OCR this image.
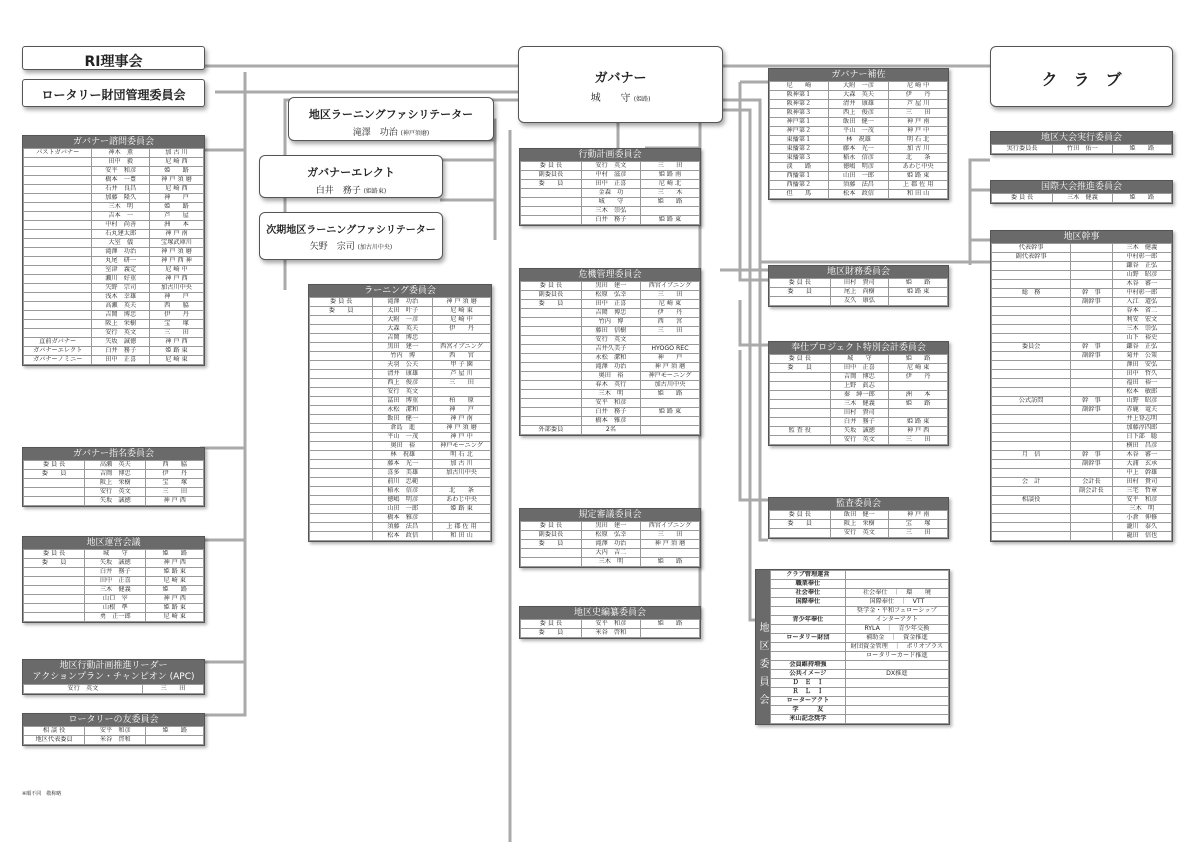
RI理事会
ロータリー財団管理委員会
ガバナー
城　　守 (姫路)
ク　ラ　ブ
地区ラーニングファシリテーター
滝澤　功治 (神戸須磨)
ガバナーエレクト
白井　務子 (姫路東)
次期地区ラーニングファシリテーター
矢野　宗司 (加古川中央)
ガバナー諮問委員会
パストガバナー	神木　薫	加 古 川
	田中　毅	尼 崎 西
	安平　和彦	姫　　路
	橋本　一豊	神 戸 須 磨
	石井　良昌	尼 崎 西
	加藤　隆久	神　　戸
	三木　明	姫　　路
	吉本　一	芦　　屋
	中村　尚善	洲　　本
	石丸建太郎	神 戸 南
	大室　儀	宝塚武庫川
	滝澤　功治	神 戸 須 磨
	丸尾　研一	神 戸 西 神
	室津　義定	尼 崎 中
	瀬川　好重	神 戸 西
	矢野　宗司	加古川中央
	浅木　幸雄	神　　戸
	高瀬　英夫	西　　脇
	吉岡　博忠	伊　　丹
	阪上　栄樹	宝　　塚
	安行　英文	三　　田
直前ガバナー	矢坂　誠徳	神 戸 西
ガバナーエレクト	白井　務子	姫 路 東
ガバナーノミニー	田中　正喜	尼 崎 東
ガバナー指名委員会
委 員 長	高瀬　英夫	西　　脇
委　　員	吉岡　博忠	伊　　丹
	阪上　栄樹	宝　　塚
	安行　英文	三　　田
	矢坂　誠徳	神 戸 西
地区運営会議
委 員 長	城　　守	姫　　路
委　　員	矢坂　誠徳	神 戸 西
	白井　務子	姫 路 東
	田中　正喜	尼 崎 東
	三木　健義	姫　　路
	山口　宰	神 戸 西
	山根　準	姫 路 東
	勇　正一郎	尼 崎 東
地区行動計画推進リーダー
アクションプラン・チャンピオン (APC)
安行　英文	三　　田
ロータリーの友委員会
相 談 役	安平　和彦	姫　　路
地区代表委員	米谷　啓和	
ラーニング委員会
委 員 長	滝澤　功治	神 戸 須 磨
委　　員	太田　叶子	尼 崎 東
	大附　一彦	尼 崎 中
	大森　英夫	伊　　丹
	吉岡　博忠	
	黒田　建一	西宮イブニング
	竹内　博	西　　宮
	天羽　公夫	甲 子 園
	清井　康雄	芦 屋 川
	西上　俊彦	三　　田
	安行　英文	
	冨田　博重	柏　　原
	永松　潔和	神　　戸
	飯田　健一	神 戸 南
	倉島　進	神 戸 須 磨
	平山　一茂	神 戸 中
	奥田　裕	神戸モーニング
	林　祝雄	明 石 北
	藤本　光一	加 古 川
	喜多　美雄	加古川中央
	前川　忠範	
	稲永　信彦	北　　条
	徳嶋　明彦	あわじ中央
	山田　一郎	姫 路 東
	橋本　雅彦	
	須藤　法昌	上 郡 佐 用
	松本　政信	和 田 山
行動計画委員会
委 員 長	安行　英文	三　　田
副委員長	中村　滋彦	姫 路 南
委　　員	田中　正喜	尼 崎 北
	金森　功	三　　木
	城　　守	姫　　路
	三木　崇弘	
	白井　務子	姫 路 東
危機管理委員会
委 員 長	黒田　建一	西宮イブニング
副委員長	松原　弘幸	三　　田
委　　員	田中　正喜	尼 崎 東
	吉岡　博忠	伊　　丹
	竹内　博	西　　宮
	藤田　信樹	三　　田
	安行　英文	
	吉井久美子	HYOGO REC
	永松　潔和	神　　戸
	滝澤　功治	神 戸 須 磨
	奥田　裕	神戸モーニング
	春木　英行	加古川中央
	三木　明	姫　　路
	安平　和彦	
	白井　務子	姫 路 東
	橋本　雅彦	
外部委員	2名	
規定審議委員会
委 員 長	黒田　建一	西宮イブニング
副委員長	松原　弘幸	三　　田
委　　員	滝澤　功治	神 戸 須 磨
	大内　吉二	
	三木　明	姫　　路
地区史編纂委員会
委 員 長	安平　和彦	姫　　路
委　　員	米谷　啓和	
ガバナー補佐
尼　　崎	大附　一彦	尼 崎 中
阪神第１	大森　英夫	伊　　丹
阪神第２	清井　康雄	芦 屋 川
阪神第３	西上　俊彦	三　　田
神戸第１	飯田　健一	神 戸 南
神戸第２	平山　一茂	神 戸 中
東播第１	林　祝雄	明 石 北
東播第２	藤本　光一	加 古 川
東播第３	稲永　信彦	北　　条
淡　　路	徳嶋　明彦	あわじ中央
西播第１	山田　一郎	姫 路 東
西播第２	須藤　法昌	上 郡 佐 用
但　　馬	松本　政信	和 田 山
地区財務委員会
委 員 長	田村　貴司	姫　　路
委　　員	尾上　尚樹	姫 路 東
	友久　康弘	
奉仕プロジェクト特別会計委員会
委 員 長	城　　守	姫　　路
委　　員	田中　正喜	尼 崎 東
	吉岡　博忠	伊　　丹
	上野　眞志	
	秦　紳一郎	洲　　本
	三木　健義	姫　　路
	田村　貴司	
	白井　務子	姫 路 東
監 査 役	矢坂　誠徳	神 戸 西
	安行　英文	三　　田
監査委員会
委 員 長	飯田　健一	神 戸 南
委　　員	阪上　栄樹	宝　　塚
	安行　英文	三　　田
地区委員会
クラブ管理運営	
職業奉仕	
社会奉仕	社会奉仕　｜　環　　境
国際奉仕	国際奉仕　｜　VTT
	奨学金・平和フェローシップ
青少年奉仕	インターアクト
	RYLA　｜　青少年交換
ロータリー財団	補助金　｜　資金推進
	財団資金管理　｜　ポリオプラス
	ロータリーカード推進
会員維持増強	
公共イメージ	DX推進
Ｄ　Ｅ　Ｉ	
Ｒ　Ｌ　Ｉ	
ローターアクト	
学　　　友	
米山記念奨学	
地区大会実行委員会
実行委員長	竹田　佑一	姫　　路
国際大会推進委員会
委 員 長	三木　健義	姫　　路
地区幹事
代表幹事		三木　健義
副代表幹事		中村彰一郎
		鎌谷　正弘
		山野　昭彦
		木谷　審一
総　務	幹　事	中村彰一郎
	副幹事	入江　道弘
		谷本　省二
		利安　宏文
		三木　崇弘
		山下　裕史
委員会	幹　事	鎌谷　正弘
	副幹事	菊井　公策
		澤田　安弘
		田中　哲久
		福田　裕一
		松本　敏郎
公式訪問	幹　事	山野　昭彦
	副幹事	赤鹿　竜夫
		井上登志明
		加藤淳四郎
		日下部　聡
		横田　昌彦
月　信	幹　事	木谷　審一
	副幹事	大浦　玄承
		中上　幹雄
会　計	会計長	田村　貴司
	副会計長	三宅　哲章
相談役		安平　和彦
		三木　明
		小倉　伸修
		瀧川　泰久
		龍田　信也
※順不同　敬称略
